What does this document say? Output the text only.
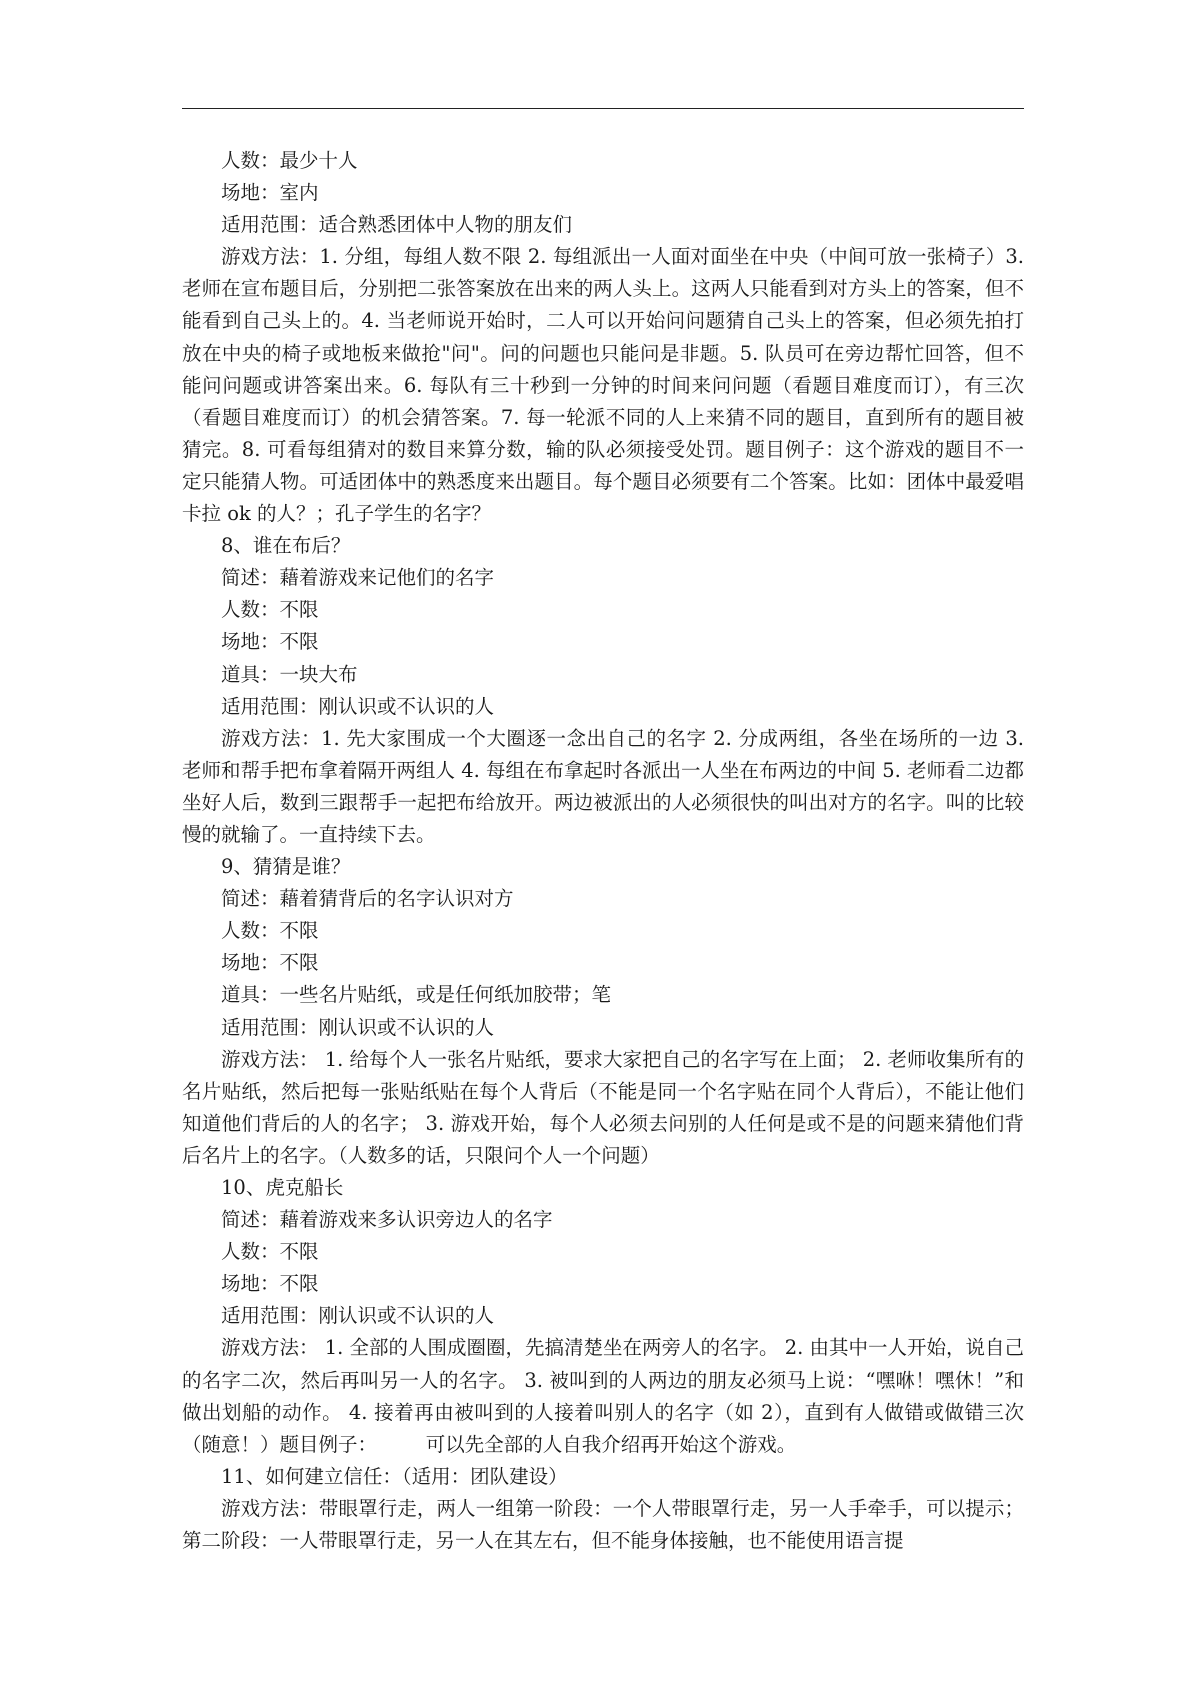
人数：最少十人

场地：室内

适用范围：适合熟悉团体中人物的朋友们

游戏方法：1. 分组，每组人数不限 2. 每组派出一人面对面坐在中央（中间可放一张椅子）3. 老师在宣布题目后，分别把二张答案放在出来的两人头上。这两人只能看到对方头上的答案，但不能看到自己头上的。4. 当老师说开始时，二人可以开始问问题猜自己头上的答案，但必须先拍打放在中央的椅子或地板来做抢"问"。问的问题也只能问是非题。5. 队员可在旁边帮忙回答，但不能问问题或讲答案出来。6. 每队有三十秒到一分钟的时间来问问题（看题目难度而订），有三次（看题目难度而订）的机会猜答案。7. 每一轮派不同的人上来猜不同的题目，直到所有的题目被猜完。8. 可看每组猜对的数目来算分数，输的队必须接受处罚。题目例子：这个游戏的题目不一定只能猜人物。可适团体中的熟悉度来出题目。每个题目必须要有二个答案。比如：团体中最爱唱卡拉 ok 的人？；孔子学生的名字？

8、谁在布后？

简述：藉着游戏来记他们的名字

人数：不限

场地：不限

道具：一块大布

适用范围：刚认识或不认识的人

游戏方法：1. 先大家围成一个大圈逐一念出自己的名字 2. 分成两组，各坐在场所的一边 3. 老师和帮手把布拿着隔开两组人 4. 每组在布拿起时各派出一人坐在布两边的中间 5. 老师看二边都坐好人后，数到三跟帮手一起把布给放开。两边被派出的人必须很快的叫出对方的名字。叫的比较慢的就输了。一直持续下去。

9、猜猜是谁？

简述：藉着猜背后的名字认识对方

人数：不限

场地：不限

道具：一些名片贴纸，或是任何纸加胶带；笔

适用范围：刚认识或不认识的人

游戏方法： 1. 给每个人一张名片贴纸，要求大家把自己的名字写在上面； 2. 老师收集所有的名片贴纸，然后把每一张贴纸贴在每个人背后（不能是同一个名字贴在同个人背后），不能让他们知道他们背后的人的名字； 3. 游戏开始，每个人必须去问别的人任何是或不是的问题来猜他们背后名片上的名字。（人数多的话，只限问个人一个问题）

10、虎克船长

简述：藉着游戏来多认识旁边人的名字

人数：不限

场地：不限

适用范围：刚认识或不认识的人

游戏方法： 1. 全部的人围成圈圈，先搞清楚坐在两旁人的名字。 2. 由其中一人开始，说自己的名字二次，然后再叫另一人的名字。 3. 被叫到的人两边的朋友必须马上说：“嘿咻！嘿休！”和做出划船的动作。 4. 接着再由被叫到的人接着叫别人的名字（如 2），直到有人做错或做错三次（随意！）题目例子：　　　可以先全部的人自我介绍再开始这个游戏。

11、如何建立信任：（适用：团队建设）

游戏方法：带眼罩行走，两人一组第一阶段：一个人带眼罩行走，另一人手牵手，可以提示；第二阶段：一人带眼罩行走，另一人在其左右，但不能身体接触，也不能使用语言提
